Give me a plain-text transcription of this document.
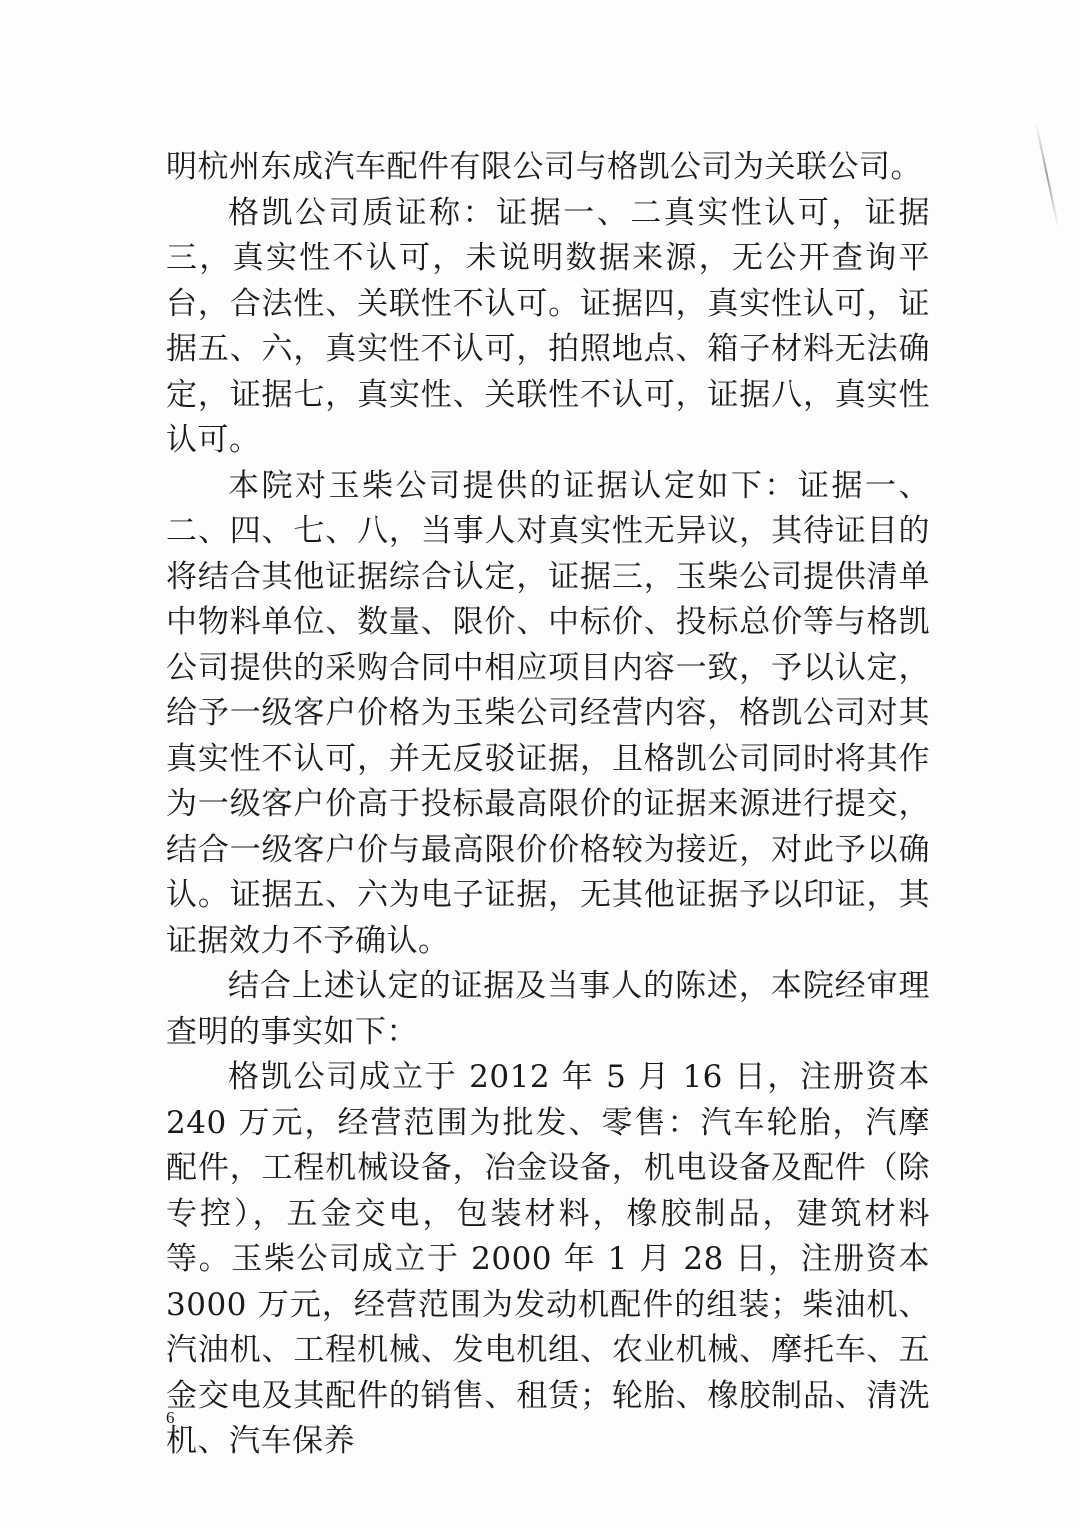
明杭州东成汽车配件有限公司与格凯公司为关联公司。

格凯公司质证称：证据一、二真实性认可，证据三，真实性不认可，未说明数据来源，无公开查询平台，合法性、关联性不认可。证据四，真实性认可，证据五、六，真实性不认可，拍照地点、箱子材料无法确定，证据七，真实性、关联性不认可，证据八，真实性认可。

本院对玉柴公司提供的证据认定如下：证据一、二、四、七、八，当事人对真实性无异议，其待证目的将结合其他证据综合认定，证据三，玉柴公司提供清单中物料单位、数量、限价、中标价、投标总价等与格凯公司提供的采购合同中相应项目内容一致，予以认定，给予一级客户价格为玉柴公司经营内容，格凯公司对其真实性不认可，并无反驳证据，且格凯公司同时将其作为一级客户价高于投标最高限价的证据来源进行提交，结合一级客户价与最高限价价格较为接近，对此予以确认。证据五、六为电子证据，无其他证据予以印证，其证据效力不予确认。

结合上述认定的证据及当事人的陈述，本院经审理查明的事实如下：

格凯公司成立于 2012 年 5 月 16 日，注册资本 240 万元，经营范围为批发、零售：汽车轮胎，汽摩配件，工程机械设备，冶金设备，机电设备及配件（除专控），五金交电，包装材料，橡胶制品，建筑材料等。玉柴公司成立于 2000 年 1 月 28 日，注册资本 3000 万元，经营范围为发动机配件的组装；柴油机、汽油机、工程机械、发电机组、农业机械、摩托车、五金交电及其配件的销售、租赁；轮胎、橡胶制品、清洗机、汽车保养

6
